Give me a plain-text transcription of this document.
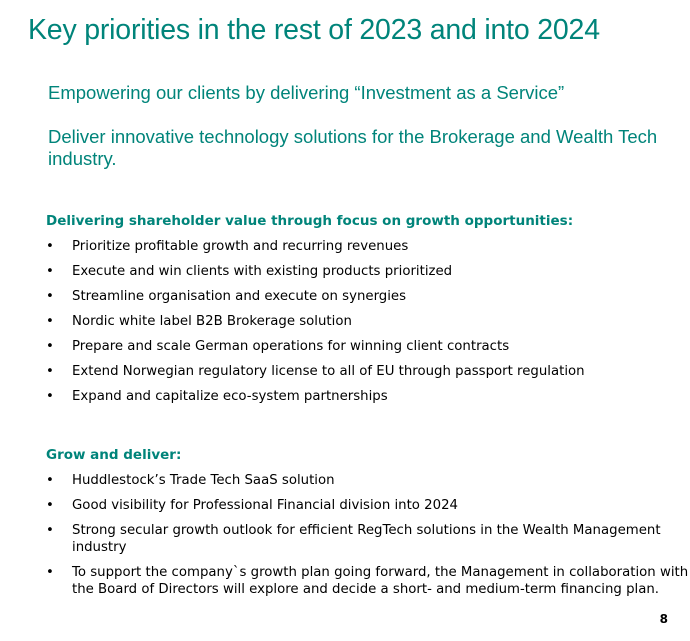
Key priorities in the rest of 2023 and into 2024

Empowering our clients by delivering “Investment as a Service”

Deliver innovative technology solutions for the Brokerage and Wealth Tech industry.

Delivering shareholder value through focus on growth opportunities:

• Prioritize profitable growth and recurring revenues
• Execute and win clients with existing products prioritized
• Streamline organisation and execute on synergies
• Nordic white label B2B Brokerage solution
• Prepare and scale German operations for winning client contracts
• Extend Norwegian regulatory license to all of EU through passport regulation
• Expand and capitalize eco-system partnerships

Grow and deliver:

• Huddlestock’s Trade Tech SaaS solution
• Good visibility for Professional Financial division into 2024
• Strong secular growth outlook for efficient RegTech solutions in the Wealth Management industry
• To support the company`s growth plan going forward, the Management in collaboration with the Board of Directors will explore and decide a short- and medium-term financing plan.
8
